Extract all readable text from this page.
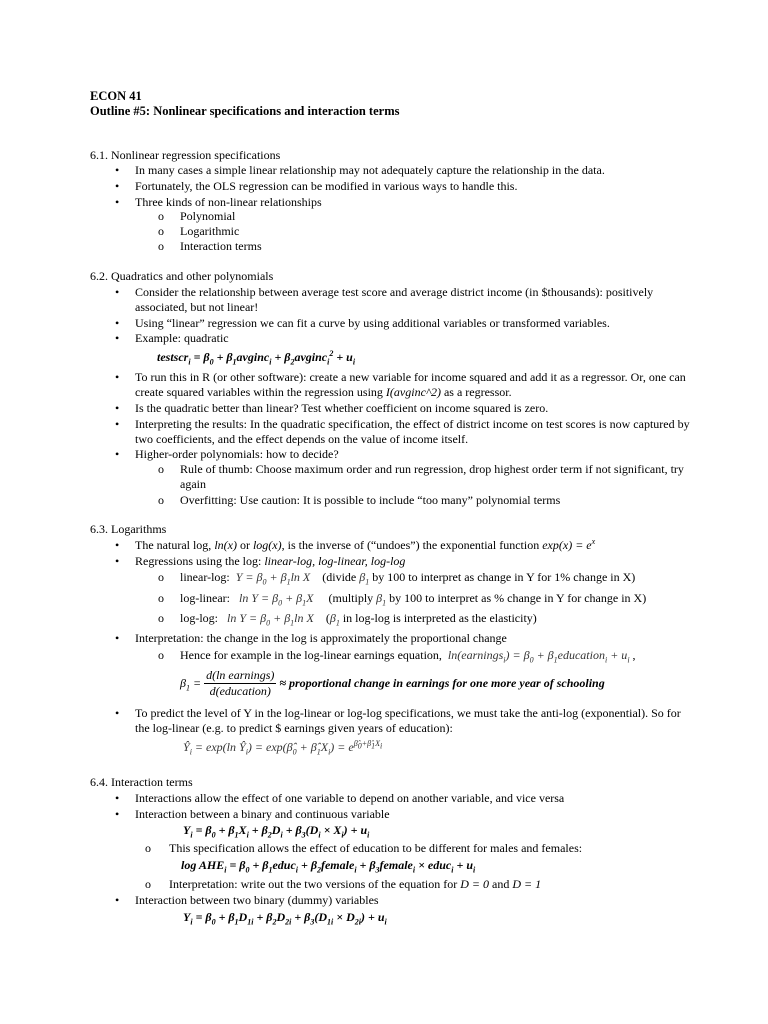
ECON 41
Outline #5: Nonlinear specifications and interaction terms
6.1. Nonlinear regression specifications
•	In many cases a simple linear relationship may not adequately capture the relationship in the data.
•	Fortunately, the OLS regression can be modified in various ways to handle this.
•	Three kinds of non-linear relationships
o	Polynomial
o	Logarithmic
o	Interaction terms
6.2. Quadratics and other polynomials
•	Consider the relationship between average test score and average district income (in $thousands): positively associated, but not linear!
•	Using “linear” regression we can fit a curve by using additional variables or transformed variables.
•	Example: quadratic
testscr$_i$ = $\beta_0$ + $\beta_1avginc_i$ + $\beta_2avginc_i^2 + u_i$
•	To run this in R (or other software): create a new variable for income squared and add it as a regressor. Or, one can create squared variables within the regression using I(avginc^2) as a regressor.
•	Is the quadratic better than linear? Test whether coefficient on income squared is zero.
•	Interpreting the results: In the quadratic specification, the effect of district income on test scores is now captured by two coefficients, and the effect depends on the value of income itself.
•	Higher-order polynomials: how to decide?
o	Rule of thumb: Choose maximum order and run regression, drop highest order term if not significant, try again
o	Overfitting: Use caution: It is possible to include “too many” polynomial terms
6.3. Logarithms
•	The natural log, ln(x) or log(x), is the inverse of (“undoes”) the exponential function $\exp(x) = e^x$
•	Regressions using the log: linear-log, log-linear, log-log
o	linear-log: $Y = \beta_0 + \beta_1\ln$ X (divide $\beta_1$ by 100 to interpret as change in Y for 1% change in X)
o	log-linear: $\ln Y = \beta_0 + \beta_1X$ (multiply $\beta_1$ by 100 to interpret as % change in Y for change in X)
o	log-log: $\ln Y = \beta_0 + \beta_1\ln$ X ($\beta_1$ in log-log is interpreted as the elasticity)
•	Interpretation: the change in the log is approximately the proportional change
o	Hence for example in the log-linear earnings equation, ln(earnings$_i$) = $\beta_0$ + $\beta_1education_i + u_i$ ,
$\beta_1 = \frac{\text{d(ln earnings)}}{\text{d(education)}}$ ≈ proportional change in earnings for one more year of schooling
•	To predict the level of Y in the log-linear or log-log specifications, we must take the anti-log (exponential). So for the log-linear (e.g. to predict $ earnings given years of education):
$Ŷ_i = \exp(\ln$ $Ŷ_i$) = $\exp(\betâ_0$ + $\betâ_1X_i) = e^{\betâ_0+\betâ_1X_i}$
6.4. Interaction terms
•	Interactions allow the effect of one variable to depend on another variable, and vice versa
•	Interaction between a binary and continuous variable
$Y_i = \beta_0 + \beta_1X_i + \beta_2D_i + \beta_3(D_i \times X_i) + u_i$
o	This specification allows the effect of education to be different for males and females:
$\log AHE_i = \beta_0$ + $\beta_1educ_i$ + $\beta_2female_i$ + $\beta_3female_i$ × educ$_i$ + $u_i$
o	Interpretation: write out the two versions of the equation for D = 0 and D = 1
•	Interaction between two binary (dummy) variables
$Y_i = \beta_0 + \beta_1D_{1i} + \beta_2D_{2i} + \beta_3(D_{1i} \times D_{2i}) + u_i$
